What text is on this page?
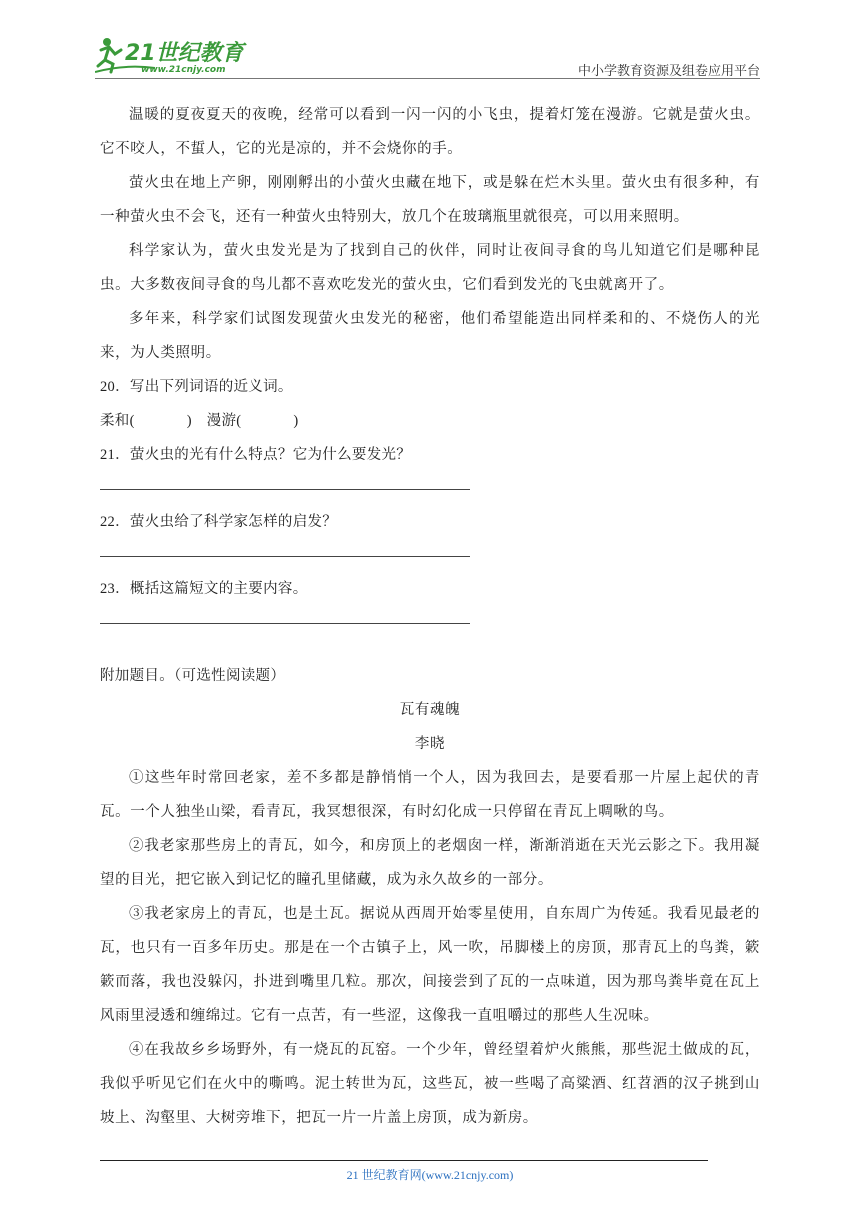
21世纪教育
www.21cnjy.com	中小学教育资源及组卷应用平台

温暖的夏夜夏天的夜晚，经常可以看到一闪一闪的小飞虫，提着灯笼在漫游。它就是萤火虫。它不咬人，不蜇人，它的光是凉的，并不会烧你的手。

萤火虫在地上产卵，刚刚孵出的小萤火虫藏在地下，或是躲在烂木头里。萤火虫有很多种，有一种萤火虫不会飞，还有一种萤火虫特别大，放几个在玻璃瓶里就很亮，可以用来照明。

科学家认为，萤火虫发光是为了找到自己的伙伴，同时让夜间寻食的鸟儿知道它们是哪种昆虫。大多数夜间寻食的鸟儿都不喜欢吃发光的萤火虫，它们看到发光的飞虫就离开了。

多年来，科学家们试图发现萤火虫发光的秘密，他们希望能造出同样柔和的、不烧伤人的光来，为人类照明。

20．写出下列词语的近义词。

柔和(	)　漫游(	)

21．萤火虫的光有什么特点？它为什么要发光？

22．萤火虫给了科学家怎样的启发？

23．概括这篇短文的主要内容。

附加题目。（可选性阅读题）

瓦有魂魄

李晓

①这些年时常回老家，差不多都是静悄悄一个人，因为我回去，是要看那一片屋上起伏的青瓦。一个人独坐山梁，看青瓦，我冥想很深，有时幻化成一只停留在青瓦上啁啾的鸟。

②我老家那些房上的青瓦，如今，和房顶上的老烟囱一样，渐渐消逝在天光云影之下。我用凝望的目光，把它嵌入到记忆的瞳孔里储藏，成为永久故乡的一部分。

③我老家房上的青瓦，也是土瓦。据说从西周开始零星使用，自东周广为传延。我看见最老的瓦，也只有一百多年历史。那是在一个古镇子上，风一吹，吊脚楼上的房顶，那青瓦上的鸟粪，簌簌而落，我也没躲闪，扑进到嘴里几粒。那次，间接尝到了瓦的一点味道，因为那鸟粪毕竟在瓦上风雨里浸透和缠绵过。它有一点苦，有一些涩，这像我一直咀嚼过的那些人生况味。

④在我故乡乡场野外，有一烧瓦的瓦窑。一个少年，曾经望着炉火熊熊，那些泥土做成的瓦，我似乎听见它们在火中的嘶鸣。泥土转世为瓦，这些瓦，被一些喝了高粱酒、红苕酒的汉子挑到山坡上、沟壑里、大树旁堆下，把瓦一片一片盖上房顶，成为新房。

21 世纪教育网(www.21cnjy.com)
